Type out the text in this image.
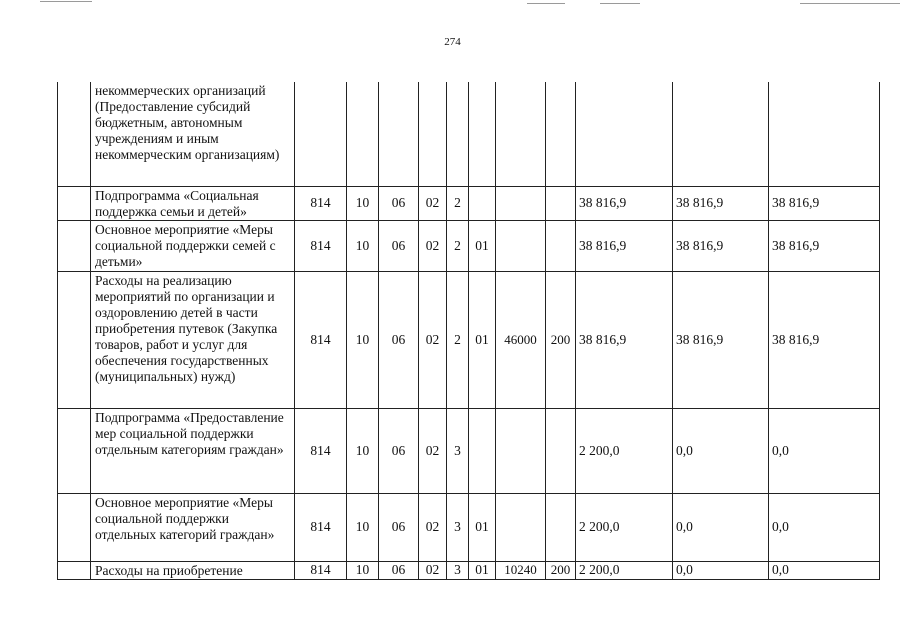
274
	некоммерческих организаций (Предоставление субсидий бюджетным, автономным учреждениям и иным некоммерческим организациям)											
	Подпрограмма «Социальная поддержка семьи и детей»	814	10	06	02	2				38 816,9	38 816,9	38 816,9
	Основное мероприятие «Меры социальной поддержки семей с детьми»	814	10	06	02	2	01			38 816,9	38 816,9	38 816,9
	Расходы на реализацию мероприятий по организации и оздоровлению детей в части приобретения путевок (Закупка товаров, работ и услуг для обеспечения государственных (муниципальных) нужд)	814	10	06	02	2	01	46000	200	38 816,9	38 816,9	38 816,9
	Подпрограмма «Предоставление мер социальной поддержки отдельным категориям граждан»	814	10	06	02	3				2 200,0	0,0	0,0
	Основное мероприятие «Меры социальной поддержки отдельных категорий граждан»	814	10	06	02	3	01			2 200,0	0,0	0,0
	Расходы на приобретение	814	10	06	02	3	01	10240	200	2 200,0	0,0	0,0
